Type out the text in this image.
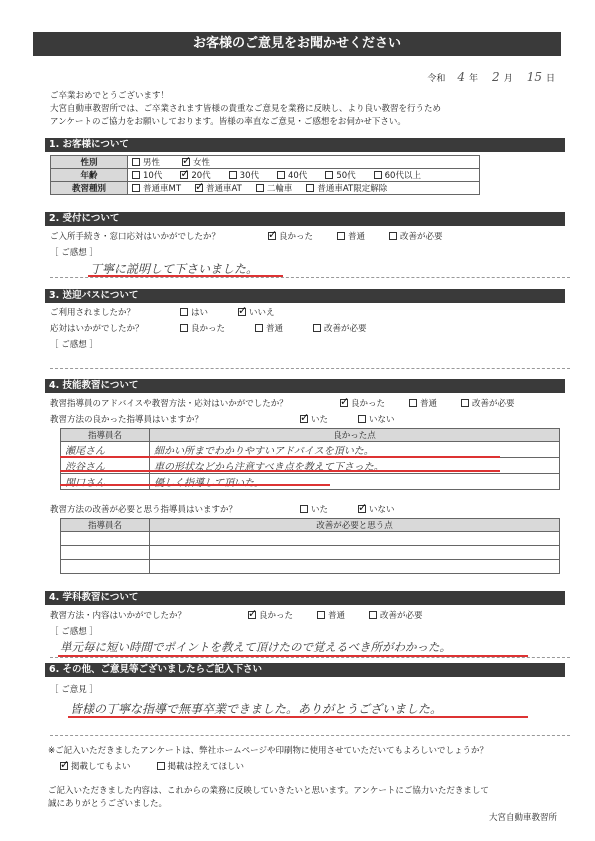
お客様のご意見をお聞かせください
令和 4 年 2 月 15 日
ご卒業おめでとうございます！
大宮自動車教習所では、ご卒業されます皆様の貴重なご意見を業務に反映し、より良い教習を行うため
アンケートのご協力をお願いしております。皆様の率直なご意見・ご感想をお伺かせ下さい。
1. お客様について
性別	男性 ✓ 女性
年齢	10代 ✓ 20代 30代 40代 50代 60代以上
教習種別	普通車MT ✓ 普通車AT 二輪車 普通車AT限定解除
2. 受付について
ご入所手続き・窓口応対はいかがでしたか？ ✓	良かった	普通	改善が必要
［ ご感想 ］
丁寧に説明して下さいました。
3. 送迎バスについて
ご利用されましたか？	はい ✓	いいえ
応対はいかがでしたか？	良かった	普通	改善が必要
［ ご感想 ］
4. 技能教習について
教習指導員のアドバイスや教習方法・応対はいかがでしたか？ ✓	良かった	普通	改善が必要
教習方法の良かった指導員はいますか？ ✓	いた	いない
指導員名	良かった点
瀬尾さん	細かい所までわかりやすいアドバイスを頂いた。
渋谷さん	車の形状などから注意すべき点を教えて下さった。
関口さん	優しく指導して頂いた。
教習方法の改善が必要と思う指導員はいますか？	いた ✓	いない
指導員名	改善が必要と思う点

4. 学科教習について
教習方法・内容はいかがでしたか？ ✓	良かった	普通	改善が必要
［ ご感想 ］
単元毎に短い時間でポイントを教えて頂けたので覚えるべき所がわかった。
6. その他、ご意見等ございましたらご記入下さい
［ ご意見 ］
皆様の丁寧な指導で無事卒業できました。ありがとうございました。
※ご記入いただきましたアンケートは、弊社ホームページや印刷物に使用させていただいてもよろしいでしょうか？
✓掲載してもよい	掲載は控えてほしい
ご記入いただきました内容は、これからの業務に反映していきたいと思います。アンケートにご協力いただきまして
誠にありがとうございました。
大宮自動車教習所
